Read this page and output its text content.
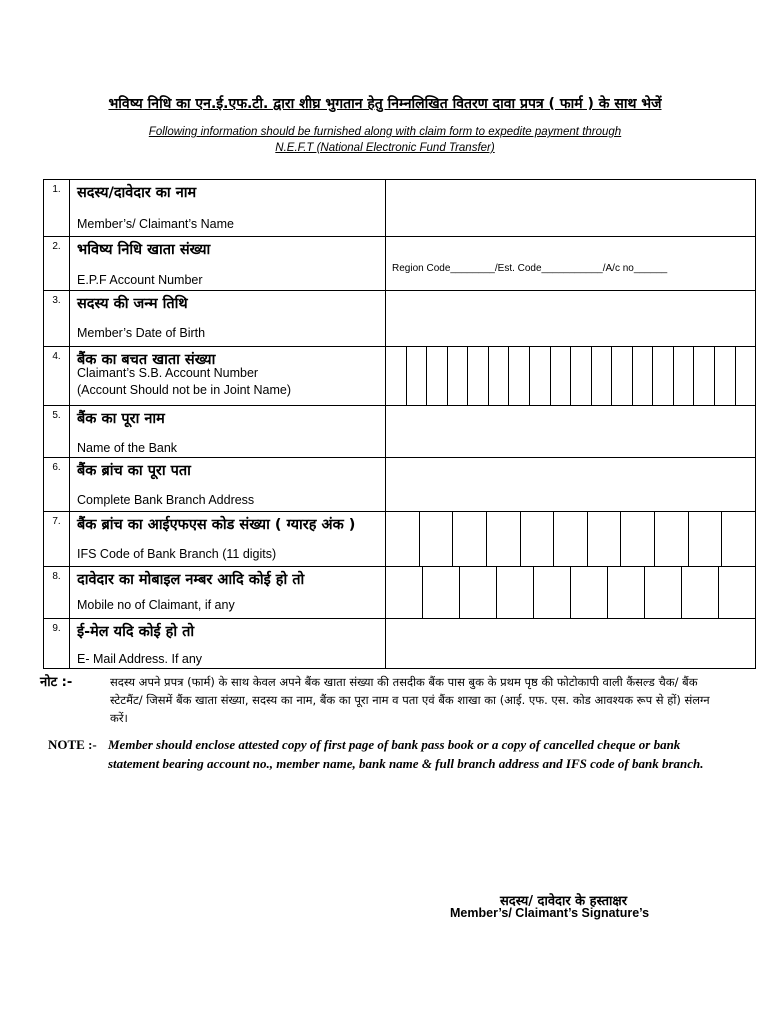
भविष्य निधि का एन.ई.एफ.टी. द्वारा शीघ्र भुगतान हेतु निम्नलिखित वितरण दावा प्रपत्र ( फार्म ) के साथ भेजें
Following information should be furnished along with claim form to expedite payment through
N.E.F.T (National Electronic Fund Transfer)
1.	सदस्य/दावेदार का नाम
Member’s/ Claimant’s Name	

2.	भविष्य निधि खाता संख्या
E.P.F Account Number	Region Code________/Est. Code___________/A/c no______

3.	सदस्य की जन्म तिथि
Member’s Date of Birth	

4.	बैंक का बचत खाता संख्या
Claimant’s S.B. Account Number
(Account Should not be in Joint Name)	

5.	बैंक का पूरा नाम
Name of the Bank	

6.	बैंक ब्रांच का पूरा पता
Complete Bank Branch Address	

7.	बैंक ब्रांच का आईएफएस कोड संख्या ( ग्यारह अंक )
IFS Code of Bank Branch (11 digits)	

8.	दावेदार का मोबाइल नम्बर आदि कोई हो तो
Mobile no of Claimant, if any	

9.	ई-मेल यदि कोई हो तो
E- Mail Address. If any	

नोट :-	सदस्य अपने प्रपत्र (फार्म) के साथ केवल अपने बैंक खाता संख्या की तसदीक बैंक पास बुक के प्रथम पृष्ठ की फोटोकापी वाली कैंसल्ड चैक/ बैंक स्टेटमैंट/ जिसमें बैंक खाता संख्या, सदस्य का नाम, बैंक का पूरा नाम व पता एवं बैंक शाखा का (आई. एफ. एस. कोड आवश्यक रूप से हों) संलग्न करें।
NOTE :- Member should enclose attested copy of first page of bank pass book or a copy of cancelled cheque or bank statement bearing account no., member name, bank name & full branch address and IFS code of bank branch.
सदस्य/ दावेदार के हस्ताक्षर
Member’s/ Claimant’s Signature’s
